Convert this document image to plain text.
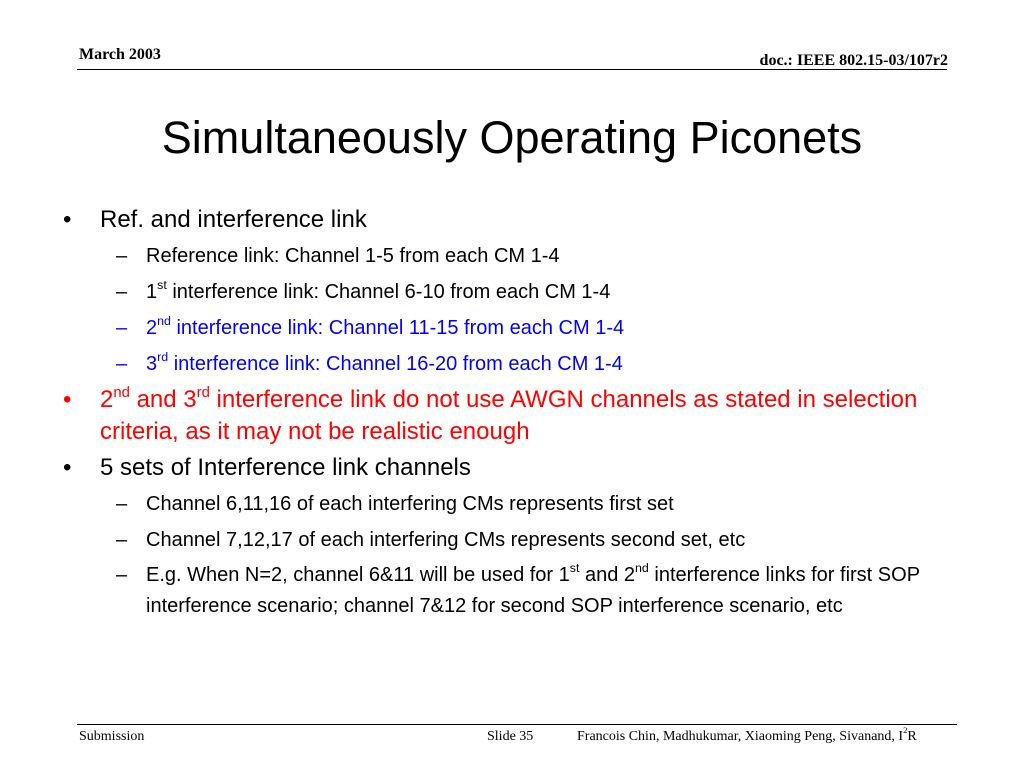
March 2003	doc.: IEEE 802.15-03/107r2
Simultaneously Operating Piconets
• Ref. and interference link
– Reference link: Channel 1-5 from each CM 1-4
– 1st interference link: Channel 6-10 from each CM 1-4
– 2nd interference link: Channel 11-15 from each CM 1-4
– 3rd interference link: Channel 16-20 from each CM 1-4
• 2nd and 3rd interference link do not use AWGN channels as stated in selection criteria, as it may not be realistic enough
• 5 sets of Interference link channels
– Channel 6,11,16 of each interfering CMs represents first set
– Channel 7,12,17 of each interfering CMs represents second set, etc
– E.g. When N=2, channel 6&11 will be used for 1st and 2nd interference links for first SOP interference scenario; channel 7&12 for second SOP interference scenario, etc
Submission	Slide 35	Francois Chin, Madhukumar, Xiaoming Peng, Sivanand, $I^2R$
